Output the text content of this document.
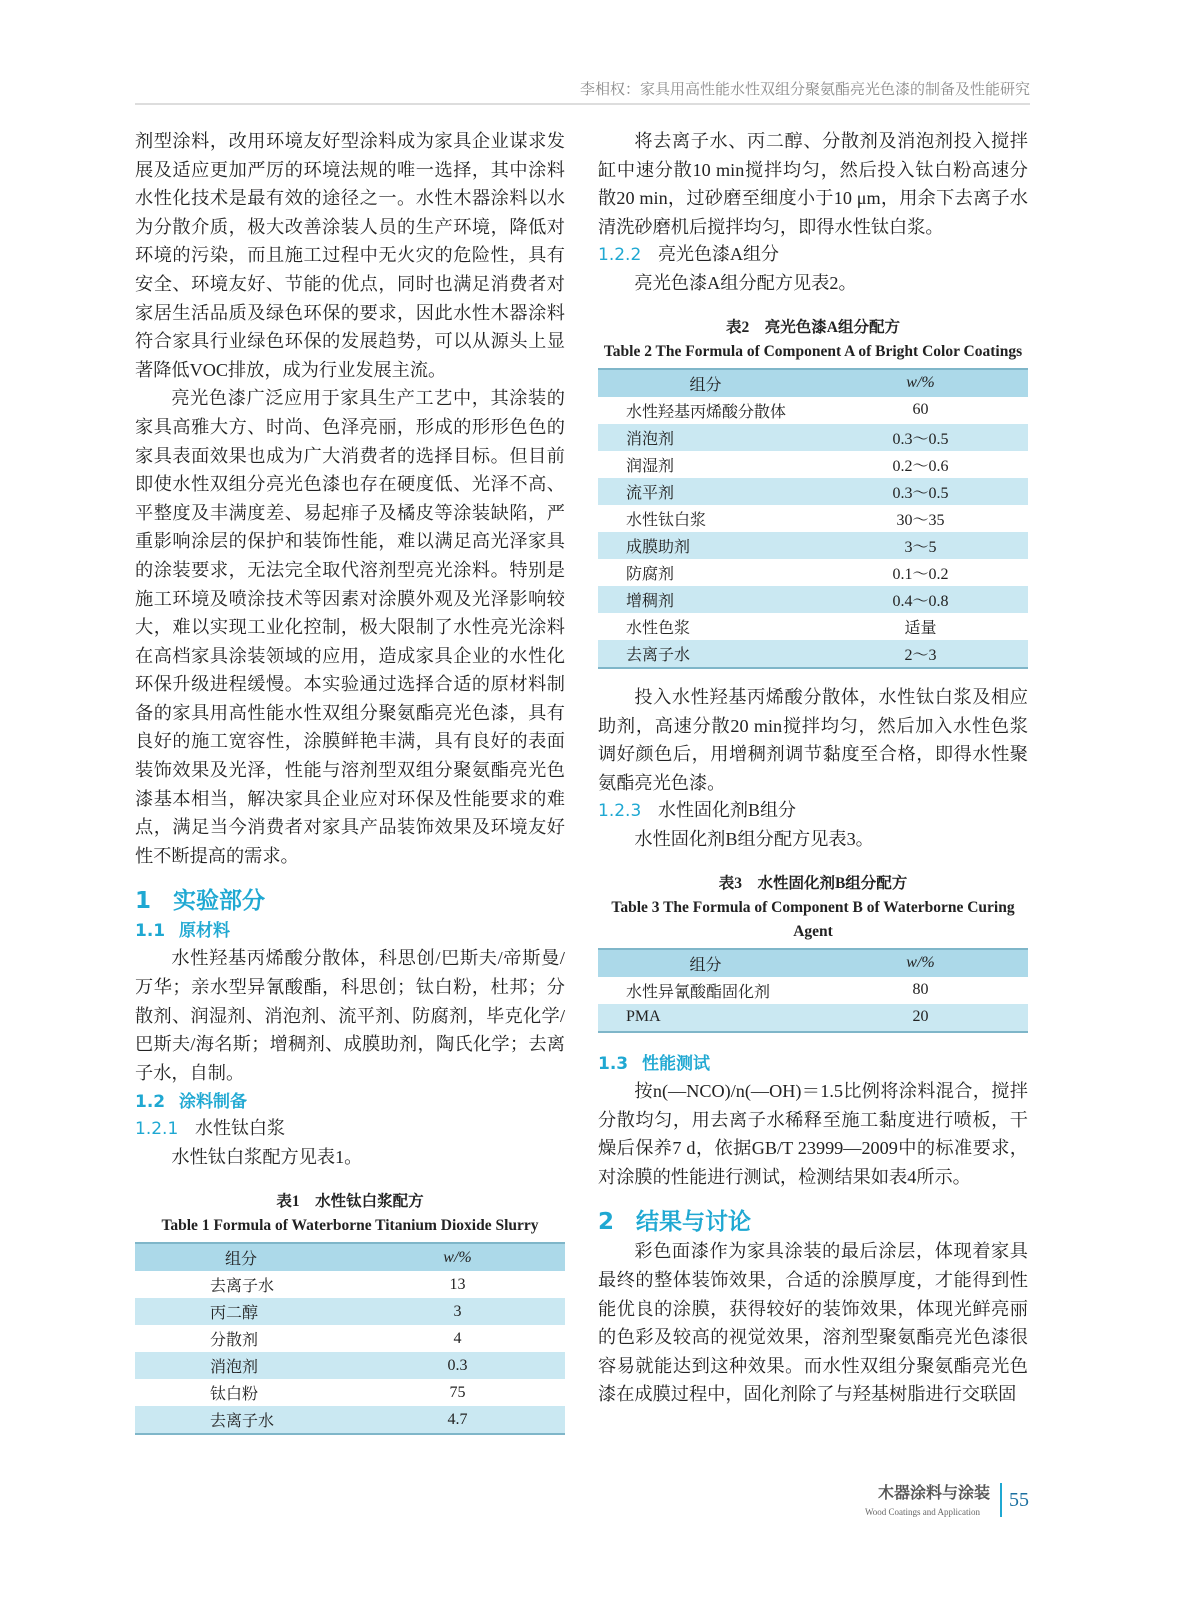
李相权：家具用高性能水性双组分聚氨酯亮光色漆的制备及性能研究

剂型涂料，改用环境友好型涂料成为家具企业谋求发展及适应更加严厉的环境法规的唯一选择，其中涂料水性化技术是最有效的途径之一。水性木器涂料以水为分散介质，极大改善涂装人员的生产环境，降低对环境的污染，而且施工过程中无火灾的危险性，具有安全、环境友好、节能的优点，同时也满足消费者对家居生活品质及绿色环保的要求，因此水性木器涂料符合家具行业绿色环保的发展趋势，可以从源头上显著降低VOC排放，成为行业发展主流。

亮光色漆广泛应用于家具生产工艺中，其涂装的家具高雅大方、时尚、色泽亮丽，形成的形形色色的家具表面效果也成为广大消费者的选择目标。但目前即使水性双组分亮光色漆也存在硬度低、光泽不高、平整度及丰满度差、易起痱子及橘皮等涂装缺陷，严重影响涂层的保护和装饰性能，难以满足高光泽家具的涂装要求，无法完全取代溶剂型亮光涂料。特别是施工环境及喷涂技术等因素对涂膜外观及光泽影响较大，难以实现工业化控制，极大限制了水性亮光涂料在高档家具涂装领域的应用，造成家具企业的水性化环保升级进程缓慢。本实验通过选择合适的原材料制备的家具用高性能水性双组分聚氨酯亮光色漆，具有良好的施工宽容性，涂膜鲜艳丰满，具有良好的表面装饰效果及光泽，性能与溶剂型双组分聚氨酯亮光色漆基本相当，解决家具企业应对环保及性能要求的难点，满足当今消费者对家具产品装饰效果及环境友好性不断提高的需求。

1 实验部分
1.1 原材料

水性羟基丙烯酸分散体，科思创/巴斯夫/帝斯曼/万华；亲水型异氰酸酯，科思创；钛白粉，杜邦；分散剂、润湿剂、消泡剂、流平剂、防腐剂，毕克化学/巴斯夫/海名斯；增稠剂、成膜助剂，陶氏化学；去离子水，自制。

1.2 涂料制备
1.2.1 水性钛白浆

水性钛白浆配方见表1。

表1　水性钛白浆配方
Table 1 Formula of Waterborne Titanium Dioxide Slurry
组分	w/%
去离子水	13
丙二醇	3
分散剂	4
消泡剂	0.3
钛白粉	75
去离子水	4.7

将去离子水、丙二醇、分散剂及消泡剂投入搅拌缸中速分散10 min搅拌均匀，然后投入钛白粉高速分散20 min，过砂磨至细度小于10 μm，用余下去离子水清洗砂磨机后搅拌均匀，即得水性钛白浆。

1.2.2 亮光色漆A组分

亮光色漆A组分配方见表2。

表2　亮光色漆A组分配方
Table 2 The Formula of Component A of Bright Color Coatings
组分	w/%
水性羟基丙烯酸分散体	60
消泡剂	0.3～0.5
润湿剂	0.2～0.6
流平剂	0.3～0.5
水性钛白浆	30～35
成膜助剂	3～5
防腐剂	0.1～0.2
增稠剂	0.4～0.8
水性色浆	适量
去离子水	2～3

投入水性羟基丙烯酸分散体，水性钛白浆及相应助剂，高速分散20 min搅拌均匀，然后加入水性色浆调好颜色后，用增稠剂调节黏度至合格，即得水性聚氨酯亮光色漆。

1.2.3 水性固化剂B组分

水性固化剂B组分配方见表3。

表3　水性固化剂B组分配方
Table 3 The Formula of Component B of Waterborne Curing Agent
组分	w/%
水性异氰酸酯固化剂	80
PMA	20
1.3 性能测试

按n(—NCO)/n(—OH)＝1.5比例将涂料混合，搅拌分散均匀，用去离子水稀释至施工黏度进行喷板，干燥后保养7 d，依据GB/T 23999—2009中的标准要求，对涂膜的性能进行测试，检测结果如表4所示。

2 结果与讨论

彩色面漆作为家具涂装的最后涂层，体现着家具最终的整体装饰效果，合适的涂膜厚度，才能得到性能优良的涂膜，获得较好的装饰效果，体现光鲜亮丽的色彩及较高的视觉效果，溶剂型聚氨酯亮光色漆很容易就能达到这种效果。而水性双组分聚氨酯亮光色漆在成膜过程中，固化剂除了与羟基树脂进行交联固

木器涂料与涂装
Wood Coatings and Application
55
